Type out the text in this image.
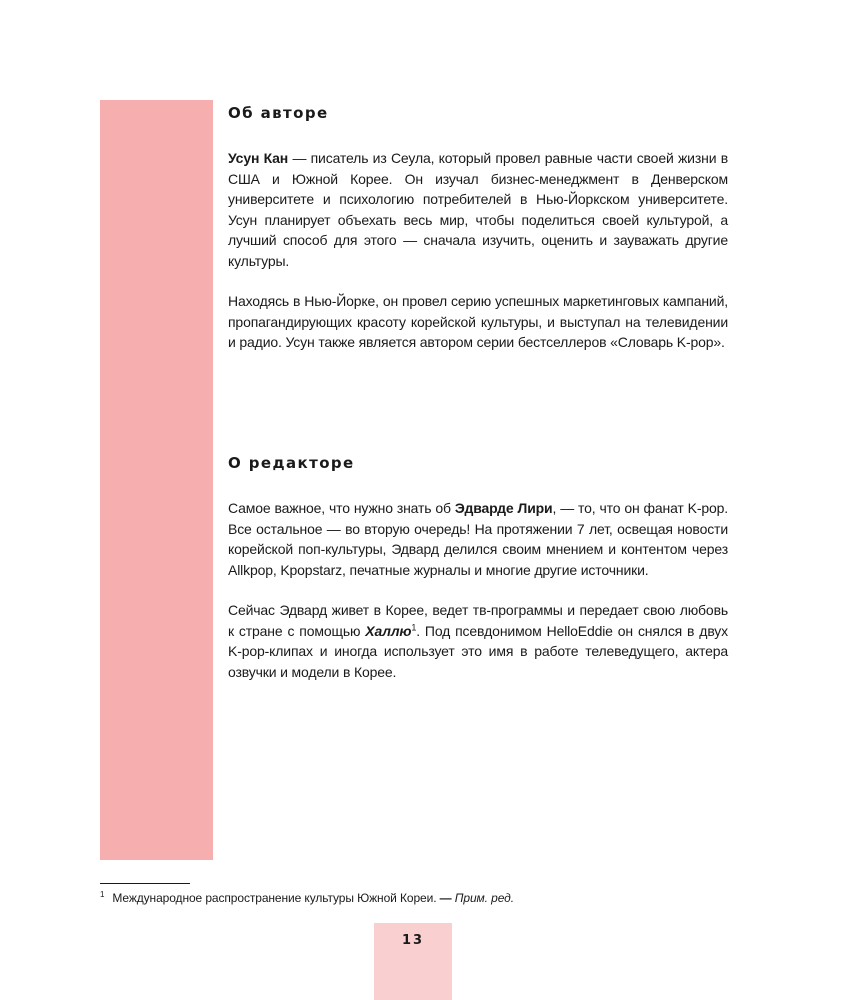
Об авторе

Усун Кан — писатель из Сеула, который провел равные части своей жизни в США и Южной Корее. Он изучал бизнес-менеджмент в Денверском университете и психологию потребителей в Нью-Йоркском университете. Усун планирует объехать весь мир, чтобы поделиться своей культурой, а лучший способ для этого — сначала изучить, оценить и зауважать другие культуры.

Находясь в Нью-Йорке, он провел серию успешных маркетинговых кампаний, пропагандирующих красоту корейской культуры, и выступал на телевидении и радио. Усун также является автором серии бестселлеров «Словарь K-pop».

О редакторе

Самое важное, что нужно знать об Эдварде Лири, — то, что он фанат K-pop. Все остальное — во вторую очередь! На протяжении 7 лет, освещая новости корейской поп-культуры, Эдвард делился своим мнением и контентом через Allkpop, Kpopstarz, печатные журналы и многие другие источники.

Сейчас Эдвард живет в Корее, ведет тв-программы и передает свою любовь к стране с помощью Халлю$^1$. Под псевдонимом HelloEddie он снялся в двух K-pop-клипах и иногда использует это имя в работе телеведущего, актера озвучки и модели в Корее.

$^1$ Международное распространение культуры Южной Кореи. — Прим. ред.
13
